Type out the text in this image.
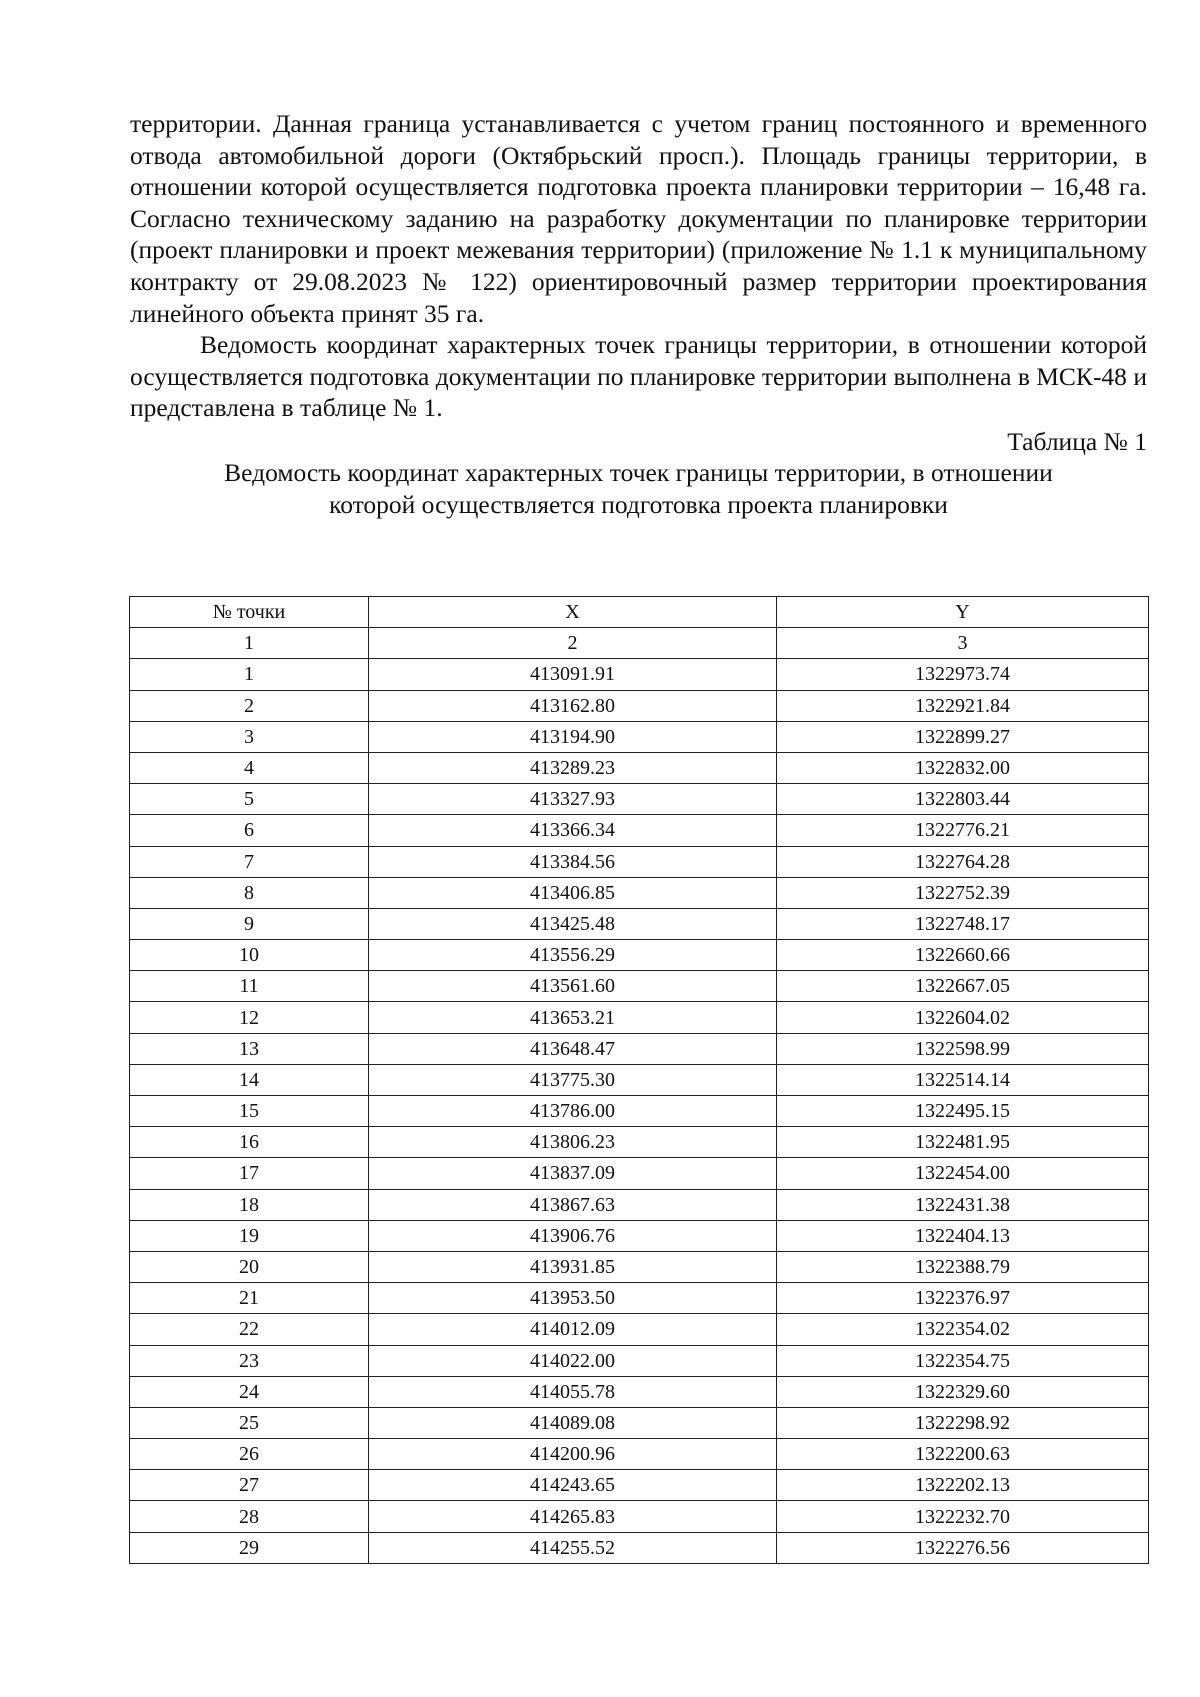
территории. Данная граница устанавливается с учетом границ постоянного и временного отвода автомобильной дороги (Октябрьский просп.). Площадь границы территории, в отношении которой осуществляется подготовка проекта планировки территории – 16,48 га. Согласно техническому заданию на разработку документации по планировке территории (проект планировки и проект межевания территории) (приложение № 1.1 к муниципальному контракту от 29.08.2023 № 122) ориентировочный размер территории проектирования линейного объекта принят 35 га.

Ведомость координат характерных точек границы территории, в отношении которой осуществляется подготовка документации по планировке территории выполнена в МСК-48 и представлена в таблице № 1.

Таблица № 1

Ведомость координат характерных точек границы территории, в отношении
которой осуществляется подготовка проекта планировки

№ точки	X	Y
1	2	3
1	413091.91	1322973.74
2	413162.80	1322921.84
3	413194.90	1322899.27
4	413289.23	1322832.00
5	413327.93	1322803.44
6	413366.34	1322776.21
7	413384.56	1322764.28
8	413406.85	1322752.39
9	413425.48	1322748.17
10	413556.29	1322660.66
11	413561.60	1322667.05
12	413653.21	1322604.02
13	413648.47	1322598.99
14	413775.30	1322514.14
15	413786.00	1322495.15
16	413806.23	1322481.95
17	413837.09	1322454.00
18	413867.63	1322431.38
19	413906.76	1322404.13
20	413931.85	1322388.79
21	413953.50	1322376.97
22	414012.09	1322354.02
23	414022.00	1322354.75
24	414055.78	1322329.60
25	414089.08	1322298.92
26	414200.96	1322200.63
27	414243.65	1322202.13
28	414265.83	1322232.70
29	414255.52	1322276.56
